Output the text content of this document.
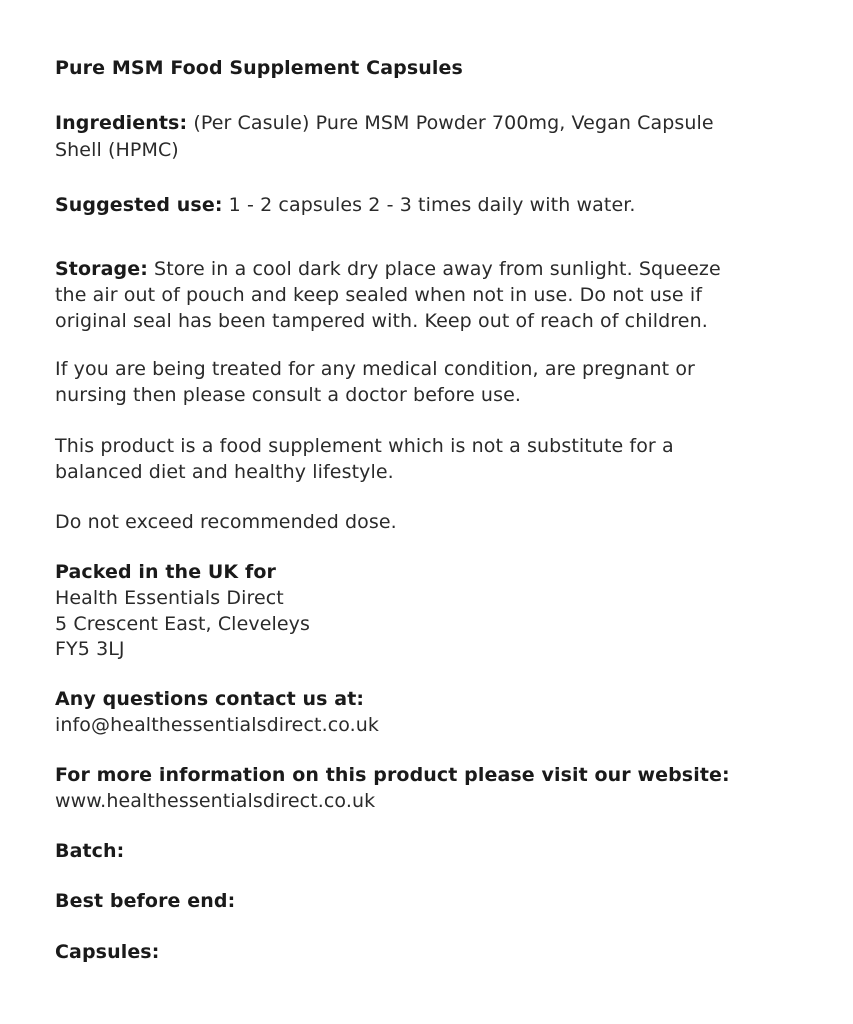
Pure MSM Food Supplement Capsules
Ingredients: (Per Casule) Pure MSM Powder 700mg, Vegan Capsule
Shell (HPMC)
Suggested use: 1 - 2 capsules 2 - 3 times daily with water.
Storage: Store in a cool dark dry place away from sunlight. Squeeze
the air out of pouch and keep sealed when not in use. Do not use if
original seal has been tampered with. Keep out of reach of children.
If you are being treated for any medical condition, are pregnant or
nursing then please consult a doctor before use.
This product is a food supplement which is not a substitute for a
balanced diet and healthy lifestyle.
Do not exceed recommended dose.
Packed in the UK for
Health Essentials Direct
5 Crescent East, Cleveleys
FY5 3LJ
Any questions contact us at:
info@healthessentialsdirect.co.uk
For more information on this product please visit our website:
www.healthessentialsdirect.co.uk
Batch:
Best before end:
Capsules:
